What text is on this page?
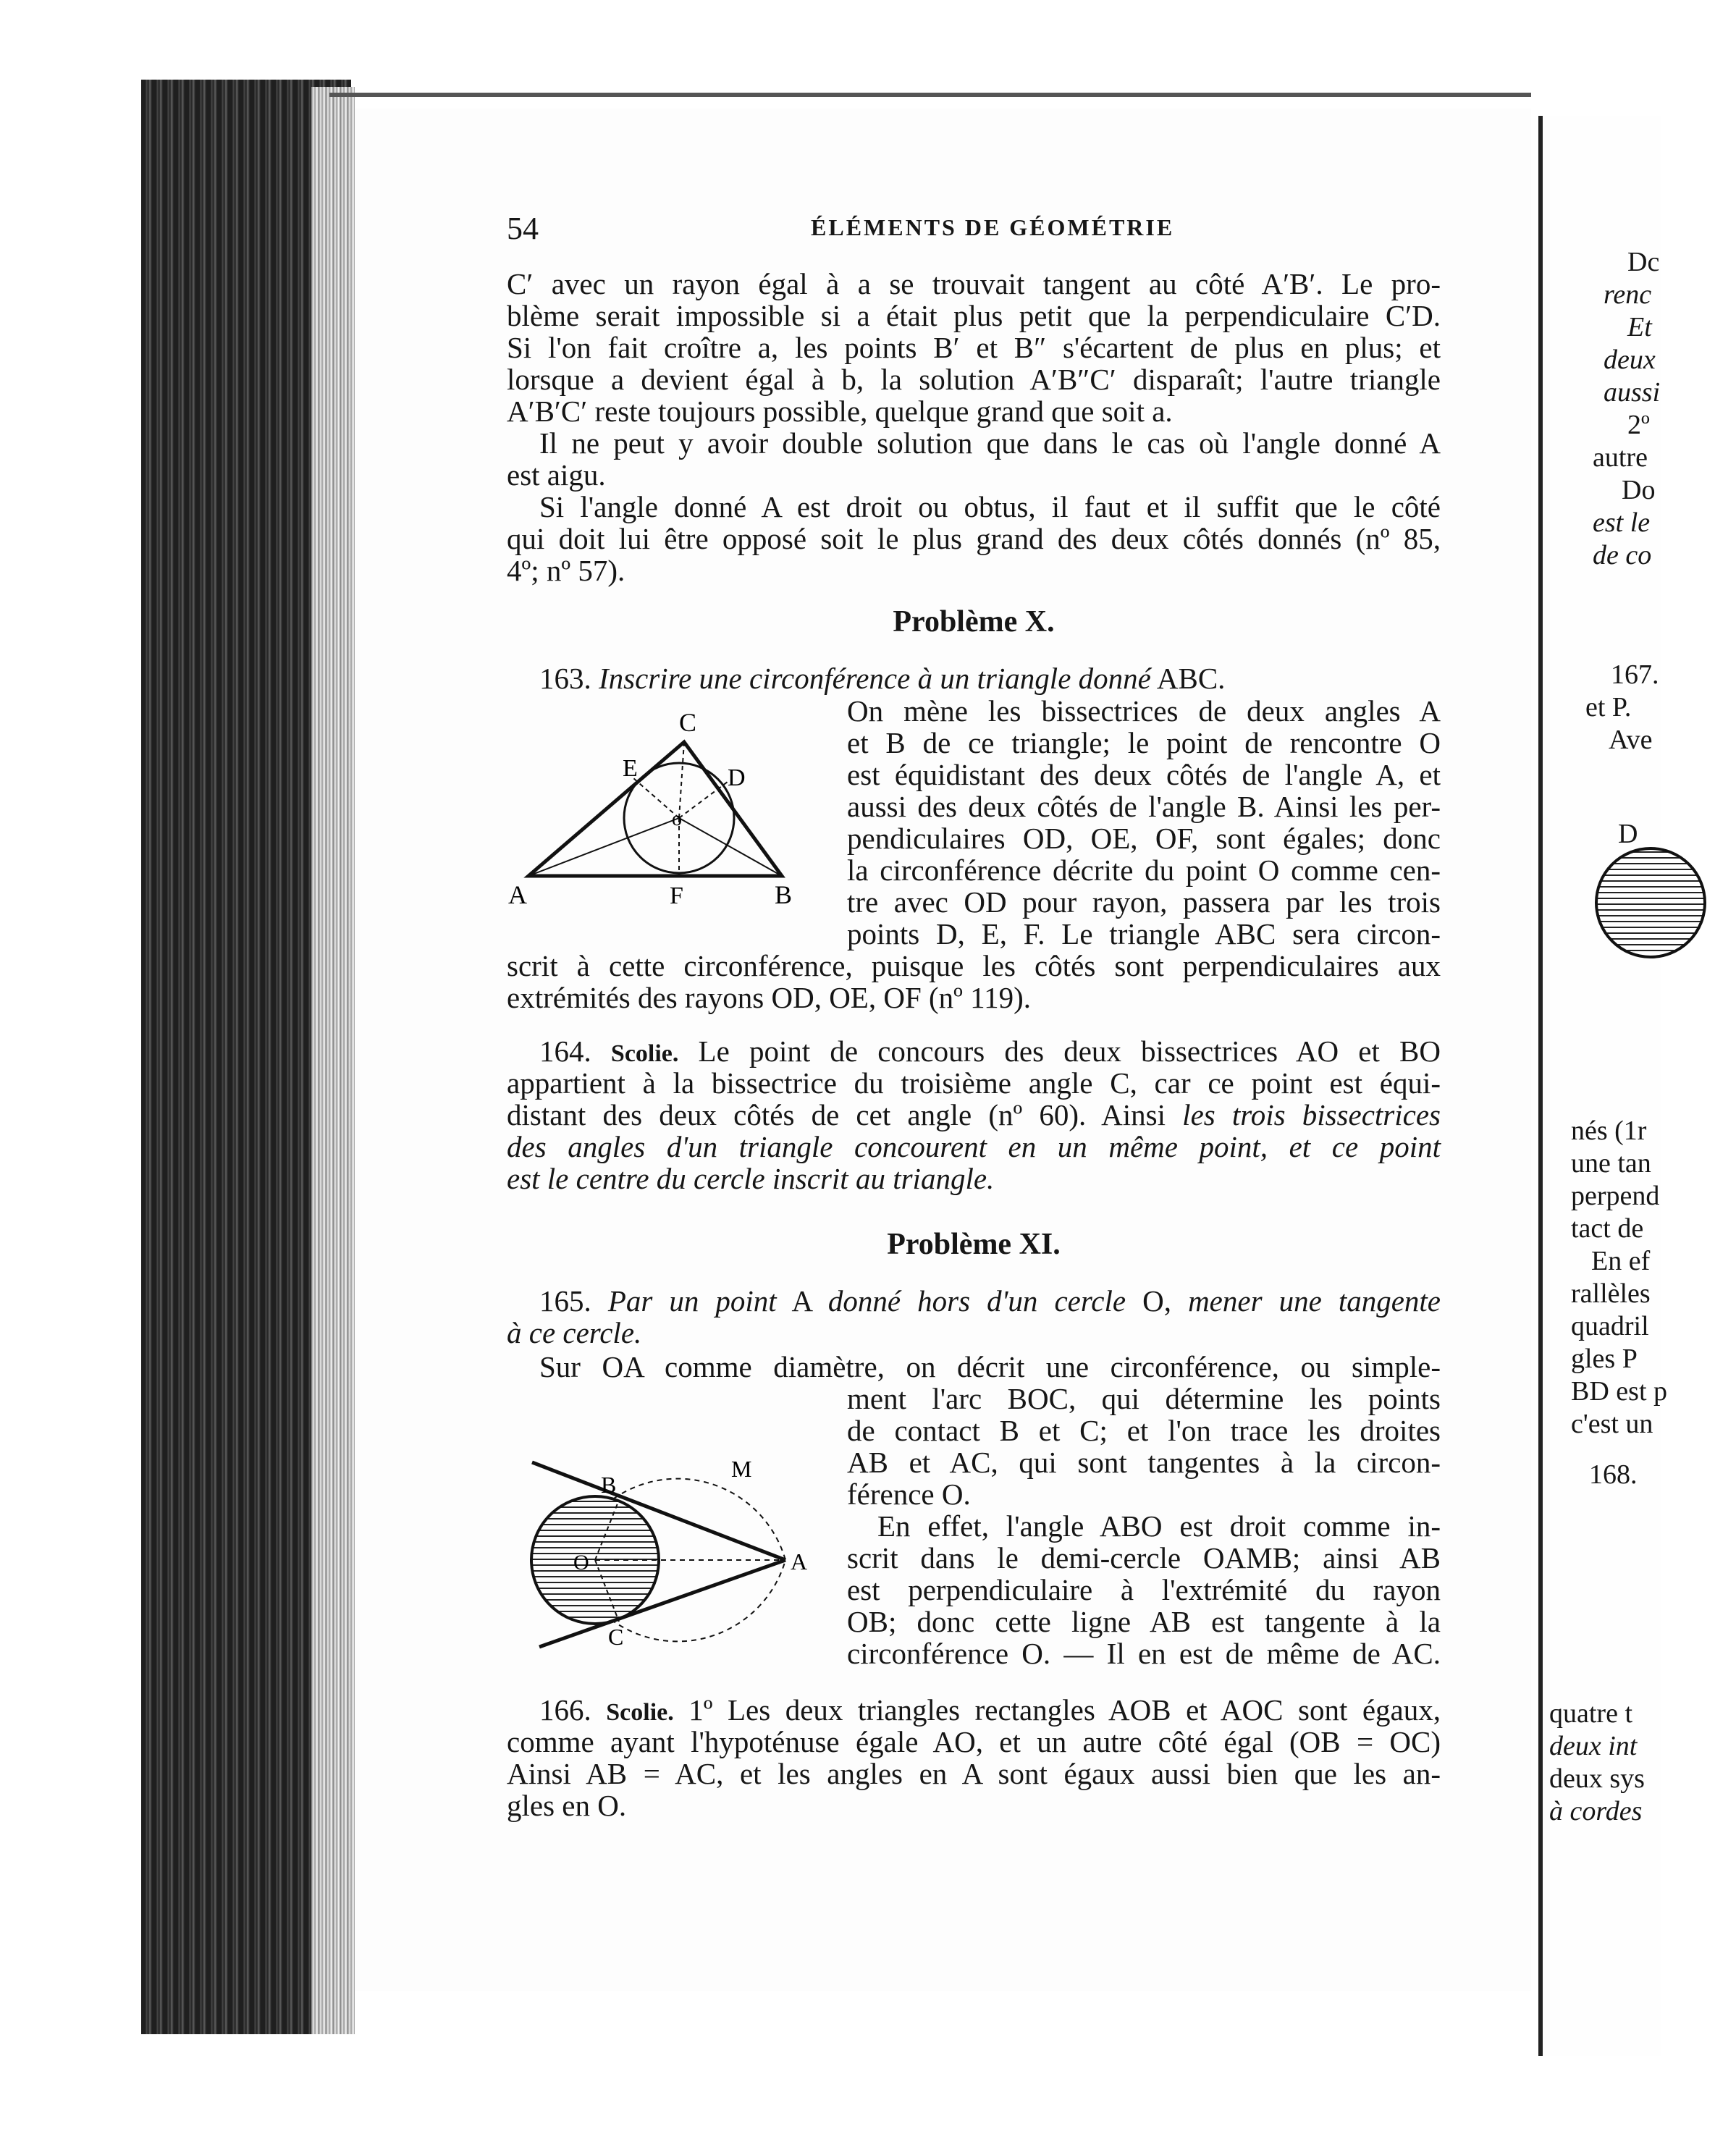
54	ÉLÉMENTS DE GÉOMÉTRIE
C′ avec un rayon égal à a se trouvait tangent au côté A′B′. Le pro-
blème serait impossible si a était plus petit que la perpendiculaire C′D.
Si l'on fait croître a, les points B′ et B″ s'écartent de plus en plus; et
lorsque a devient égal à b, la solution A′B″C′ disparaît; l'autre triangle
A′B′C′ reste toujours possible, quelque grand que soit a.
Il ne peut y avoir double solution que dans le cas où l'angle donné A
est aigu.
Si l'angle donné A est droit ou obtus, il faut et il suffit que le côté
qui doit lui être opposé soit le plus grand des deux côtés donnés (nº 85,
4º; nº 57).
Problème X.
163. Inscrire une circonférence à un triangle donné ABC.
On mène les bissectrices de deux angles A
et B de ce triangle; le point de rencontre O
est équidistant des deux côtés de l'angle A, et
aussi des deux côtés de l'angle B. Ainsi les per-
pendiculaires OD, OE, OF, sont égales; donc
la circonférence décrite du point O comme cen-
tre avec OD pour rayon, passera par les trois
points D, E, F. Le triangle ABC sera circon-
scrit à cette circonférence, puisque les côtés sont perpendiculaires aux
extrémités des rayons OD, OE, OF (nº 119).
A	B
C
D
E
F
o
164. Scolie. Le point de concours des deux bissectrices AO et BO
appartient à la bissectrice du troisième angle C, car ce point est équi-
distant des deux côtés de cet angle (nº 60). Ainsi les trois bissectrices
des angles d'un triangle concourent en un même point, et ce point
est le centre du cercle inscrit au triangle.
Problème XI.
165. Par un point A donné hors d'un cercle O, mener une tangente
à ce cercle.
Sur OA comme diamètre, on décrit une circonférence, ou simple-
ment l'arc BOC, qui détermine les points
de contact B et C; et l'on trace les droites
AB et AC, qui sont tangentes à la circon-
férence O.
En effet, l'angle ABO est droit comme in-
scrit dans le demi-cercle OAMB; ainsi AB
est perpendiculaire à l'extrémité du rayon
OB; donc cette ligne AB est tangente à la
circonférence O. — Il en est de même de AC.
B
C
A
M
O
166. Scolie. 1º Les deux triangles rectangles AOB et AOC sont égaux,
comme ayant l'hypoténuse égale AO, et un autre côté égal (OB = OC)
Ainsi AB = AC, et les angles en A sont égaux aussi bien que les an-
gles en O.
Dc
renc
Et
deux
aussi
2º
autre
Do
est le
de co
167.
et P.
Ave
D
nés (1r
une tan
perpend
tact de
En ef
rallèles
quadril
gles P
BD est p
c'est un
168.
quatre t
deux int
deux sys
à cordes
